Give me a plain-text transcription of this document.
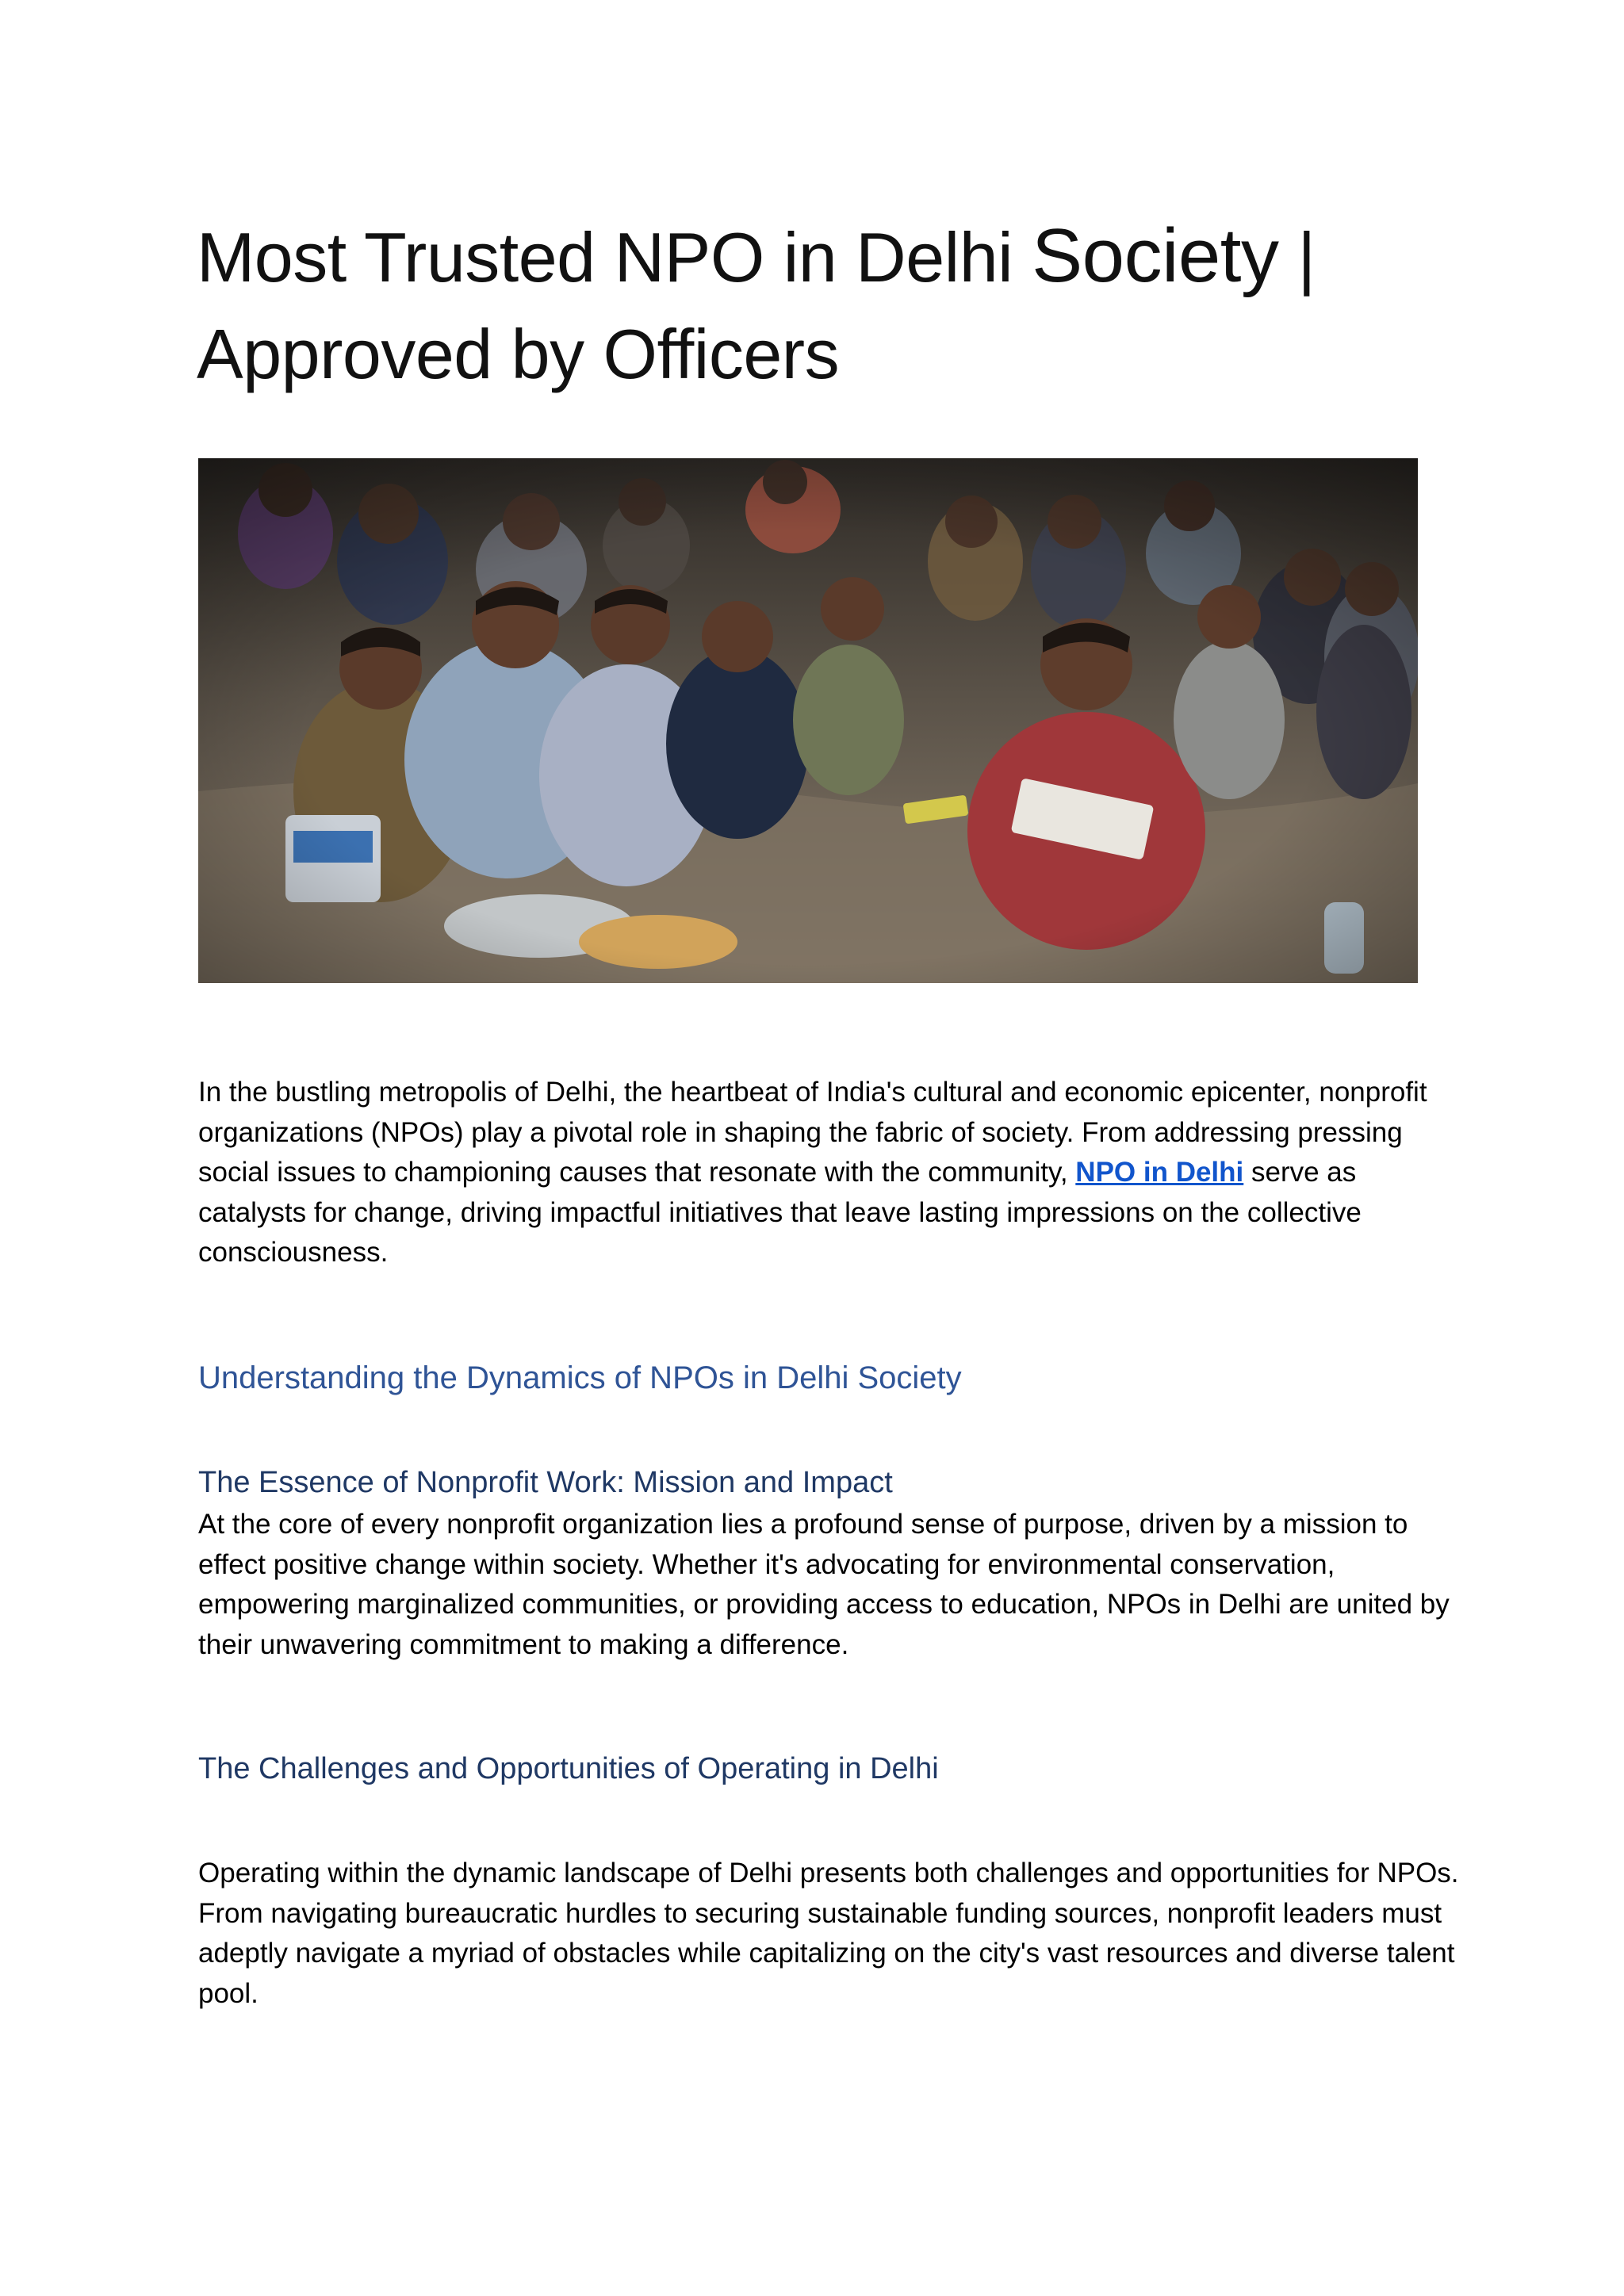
Most Trusted NPO in Delhi Society | Approved by Officers

In the bustling metropolis of Delhi, the heartbeat of India's cultural and economic epicenter, nonprofit organizations (NPOs) play a pivotal role in shaping the fabric of society. From addressing pressing social issues to championing causes that resonate with the community, NPO in Delhi serve as catalysts for change, driving impactful initiatives that leave lasting impressions on the collective consciousness.

Understanding the Dynamics of NPOs in Delhi Society
The Essence of Nonprofit Work: Mission and Impact

At the core of every nonprofit organization lies a profound sense of purpose, driven by a mission to effect positive change within society. Whether it's advocating for environmental conservation, empowering marginalized communities, or providing access to education, NPOs in Delhi are united by their unwavering commitment to making a difference.

The Challenges and Opportunities of Operating in Delhi

Operating within the dynamic landscape of Delhi presents both challenges and opportunities for NPOs. From navigating bureaucratic hurdles to securing sustainable funding sources, nonprofit leaders must adeptly navigate a myriad of obstacles while capitalizing on the city's vast resources and diverse talent pool.
